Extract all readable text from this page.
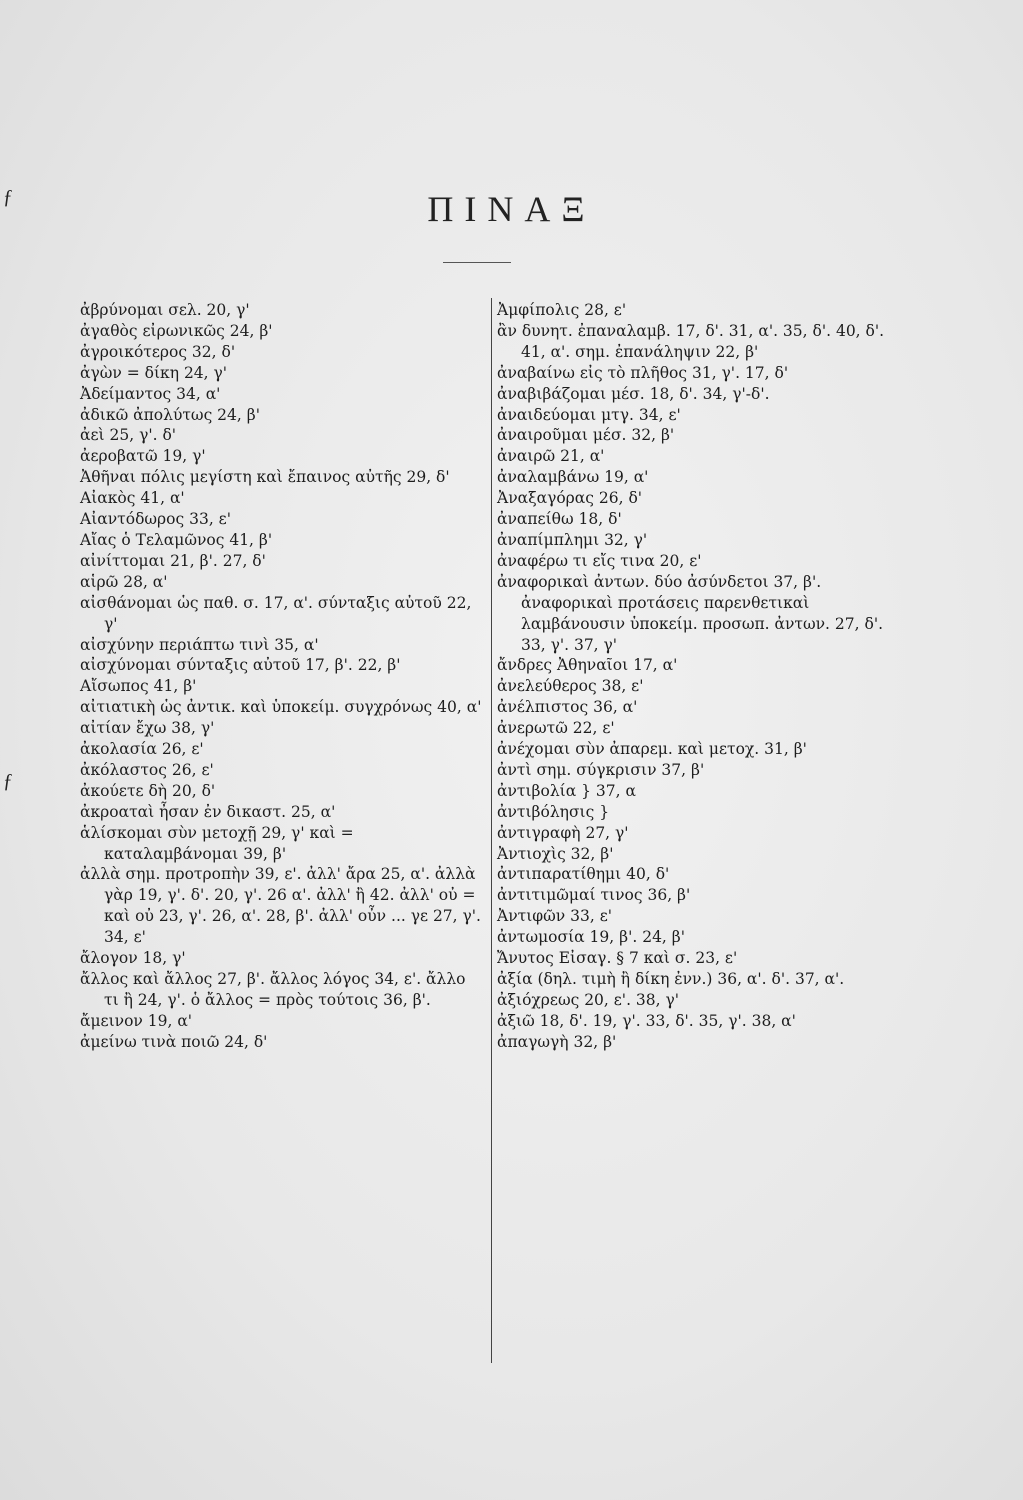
ΠΙΝΑΞ
ƒ
ƒ
ἀβρύνομαι σελ. 20, γ'
ἀγαθὸς εἰρωνικῶς 24, β'
ἀγροικότερος 32, δ'
ἀγὼν = δίκη 24, γ'
Ἀδείμαντος 34, α'
ἀδικῶ ἀπολύτως 24, β'
ἀεὶ 25, γ'. δ'
ἀεροβατῶ 19, γ'
Ἀθῆναι πόλις μεγίστη καὶ ἔπαινος αὐτῆς 29, δ'
Αἰακὸς 41, α'
Αἰαντόδωρος 33, ε'
Αἴας ὁ Τελαμῶνος 41, β'
αἰνίττομαι 21, β'. 27, δ'
αἱρῶ 28, α'
αἰσθάνομαι ὡς παθ. σ. 17, α'. σύνταξις αὐτοῦ 22, γ'
αἰσχύνην περιάπτω τινὶ 35, α'
αἰσχύνομαι σύνταξις αὐτοῦ 17, β'. 22, β'
Αἴσωπος 41, β'
αἰτιατικὴ ὡς ἀντικ. καὶ ὑποκείμ. συγχρόνως 40, α'
αἰτίαν ἔχω 38, γ'
ἀκολασία 26, ε'
ἀκόλαστος 26, ε'
ἀκούετε δὴ 20, δ'
ἀκροαταὶ ἦσαν ἐν δικαστ. 25, α'
ἁλίσκομαι σὺν μετοχῇ 29, γ' καὶ = καταλαμβάνομαι 39, β'
ἀλλὰ σημ. προτροπὴν 39, ε'. ἀλλ' ἄρα 25, α'. ἀλλὰ γὰρ 19, γ'. δ'. 20, γ'. 26 α'. ἀλλ' ἢ 42. ἀλλ' οὐ = καὶ οὐ 23, γ'. 26, α'. 28, β'. ἀλλ' οὖν ... γε 27, γ'. 34, ε'
ἄλογον 18, γ'
ἄλλος καὶ ἄλλος 27, β'. ἄλλος λόγος 34, ε'. ἄλλο τι ἢ 24, γ'. ὁ ἄλλος = πρὸς τούτοις 36, β'.
ἄμεινον 19, α'
ἀμείνω τινὰ ποιῶ 24, δ'
Ἀμφίπολις 28, ε'
ἂν δυνητ. ἐπαναλαμβ. 17, δ'. 31, α'. 35, δ'. 40, δ'. 41, α'. σημ. ἐπανάληψιν 22, β'
ἀναβαίνω εἰς τὸ πλῆθος 31, γ'. 17, δ'
ἀναβιβάζομαι μέσ. 18, δ'. 34, γ'-δ'.
ἀναιδεύομαι μτγ. 34, ε'
ἀναιροῦμαι μέσ. 32, β'
ἀναιρῶ 21, α'
ἀναλαμβάνω 19, α'
Ἀναξαγόρας 26, δ'
ἀναπείθω 18, δ'
ἀναπίμπλημι 32, γ'
ἀναφέρω τι εἴς τινα 20, ε'
ἀναφορικαὶ ἀντων. δύο ἀσύνδετοι 37, β'. ἀναφορικαὶ προτάσεις παρενθετικαὶ λαμβάνουσιν ὑποκείμ. προσωπ. ἀντων. 27, δ'. 33, γ'. 37, γ'
ἄνδρες Ἀθηναῖοι 17, α'
ἀνελεύθερος 38, ε'
ἀνέλπιστος 36, α'
ἀνερωτῶ 22, ε'
ἀνέχομαι σὺν ἀπαρεμ. καὶ μετοχ. 31, β'
ἀντὶ σημ. σύγκρισιν 37, β'
ἀντιβολία } 37, α
ἀντιβόλησις }
ἀντιγραφὴ 27, γ'
Ἀντιοχὶς 32, β'
ἀντιπαρατίθημι 40, δ'
ἀντιτιμῶμαί τινος 36, β'
Ἀντιφῶν 33, ε'
ἀντωμοσία 19, β'. 24, β'
Ἄνυτος Εἰσαγ. § 7 καὶ σ. 23, ε'
ἀξία (δηλ. τιμὴ ἢ δίκη ἐνν.) 36, α'. δ'. 37, α'.
ἀξιόχρεως 20, ε'. 38, γ'
ἀξιῶ 18, δ'. 19, γ'. 33, δ'. 35, γ'. 38, α'
ἀπαγωγὴ 32, β'
